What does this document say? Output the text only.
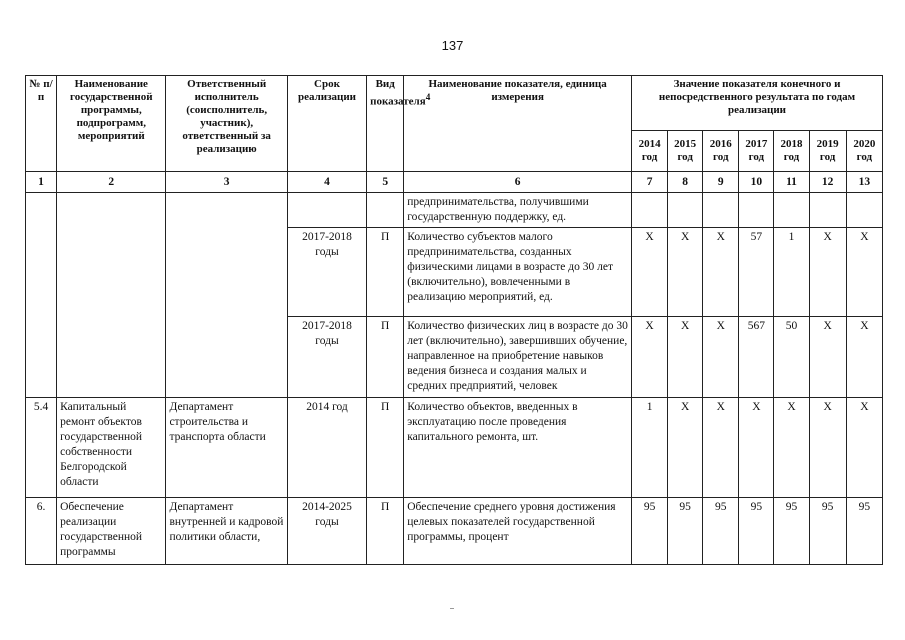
137
№ п/п	Наименование государственной программы, подпрограмм, мероприятий	Ответственный исполнитель (соисполнитель, участник), ответственный за реализацию	Срок реализации	Вид показателя$^4$	Наименование показателя, единица измерения	Значение показателя конечного и непосредственного результата по годам реализации						
						2014 год	2015 год	2016 год	2017 год	2018 год	2019 год	2020 год
1	2	3	4	5	6	7	8	9	10	11	12	13
					предпринимательства, получившими государственную поддержку, ед.							
			2017-2018 годы	П	Количество субъектов малого предпринимательства, созданных физическими лицами в возрасте до 30 лет (включительно), вовлеченными в реализацию мероприятий, ед.	Х	Х	Х	57	1	Х	Х
			2017-2018 годы	П	Количество физических лиц в возрасте до 30 лет (включительно), завершивших обучение, направленное на приобретение навыков ведения бизнеса и создания малых и средних предприятий, человек	Х	Х	Х	567	50	Х	Х
5.4	Капитальный ремонт объектов государственной собственности Белгородской области	Департамент строительства и транспорта области	2014 год	П	Количество объектов, введенных в эксплуатацию после проведения капитального ремонта, шт.	1	Х	Х	Х	Х	Х	Х
6.	Обеспечение реализации государственной программы	Департамент внутренней и кадровой политики области,	2014-2025 годы	П	Обеспечение среднего уровня достижения целевых показателей государственной программы, процент	95	95	95	95	95	95	95
